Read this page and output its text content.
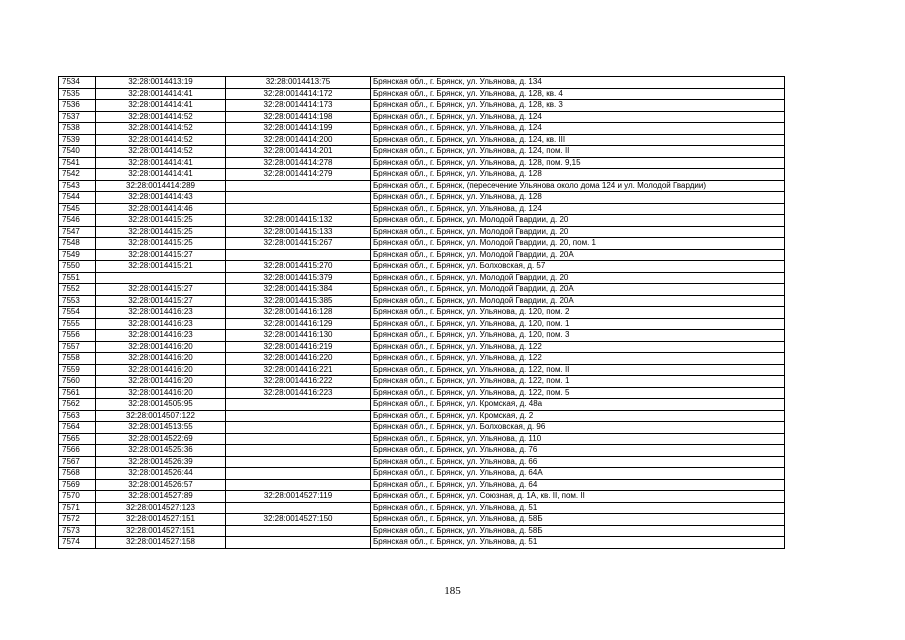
7534	32:28:0014413:19	32:28:0014413:75	Брянская обл., г. Брянск, ул. Ульянова, д. 134
7535	32:28:0014414:41	32:28:0014414:172	Брянская обл., г. Брянск, ул. Ульянова, д. 128, кв. 4
7536	32:28:0014414:41	32:28:0014414:173	Брянская обл., г. Брянск, ул. Ульянова, д. 128, кв. 3
7537	32:28:0014414:52	32:28:0014414:198	Брянская обл., г. Брянск, ул. Ульянова, д. 124
7538	32:28:0014414:52	32:28:0014414:199	Брянская обл., г. Брянск, ул. Ульянова, д. 124
7539	32:28:0014414:52	32:28:0014414:200	Брянская обл., г. Брянск, ул. Ульянова, д. 124, кв. III
7540	32:28:0014414:52	32:28:0014414:201	Брянская обл., г. Брянск, ул. Ульянова, д. 124, пом. II
7541	32:28:0014414:41	32:28:0014414:278	Брянская обл., г. Брянск, ул. Ульянова, д. 128, пом. 9,15
7542	32:28:0014414:41	32:28:0014414:279	Брянская обл., г. Брянск, ул. Ульянова, д. 128
7543	32:28:0014414:289		Брянская обл., г. Брянск, (пересечение Ульянова около дома 124 и ул. Молодой Гвардии)
7544	32:28:0014414:43		Брянская обл., г. Брянск, ул. Ульянова, д. 128
7545	32:28:0014414:46		Брянская обл., г. Брянск, ул. Ульянова, д. 124
7546	32:28:0014415:25	32:28:0014415:132	Брянская обл., г. Брянск, ул. Молодой Гвардии, д. 20
7547	32:28:0014415:25	32:28:0014415:133	Брянская обл., г. Брянск, ул. Молодой Гвардии, д. 20
7548	32:28:0014415:25	32:28:0014415:267	Брянская обл., г. Брянск, ул. Молодой Гвардии, д. 20, пом. 1
7549	32:28:0014415:27		Брянская обл., г. Брянск, ул. Молодой Гвардии, д. 20А
7550	32:28:0014415:21	32:28:0014415:270	Брянская обл., г. Брянск, ул. Болховская, д. 57
7551		32:28:0014415:379	Брянская обл., г. Брянск, ул. Молодой Гвардии, д. 20
7552	32:28:0014415:27	32:28:0014415:384	Брянская обл., г. Брянск, ул. Молодой Гвардии, д. 20А
7553	32:28:0014415:27	32:28:0014415:385	Брянская обл., г. Брянск, ул. Молодой Гвардии, д. 20А
7554	32:28:0014416:23	32:28:0014416:128	Брянская обл., г. Брянск, ул. Ульянова, д. 120, пом. 2
7555	32:28:0014416:23	32:28:0014416:129	Брянская обл., г. Брянск, ул. Ульянова, д. 120, пом. 1
7556	32:28:0014416:23	32:28:0014416:130	Брянская обл., г. Брянск, ул. Ульянова, д. 120, пом. 3
7557	32:28:0014416:20	32:28:0014416:219	Брянская обл., г. Брянск, ул. Ульянова, д. 122
7558	32:28:0014416:20	32:28:0014416:220	Брянская обл., г. Брянск, ул. Ульянова, д. 122
7559	32:28:0014416:20	32:28:0014416:221	Брянская обл., г. Брянск, ул. Ульянова, д. 122, пом. II
7560	32:28:0014416:20	32:28:0014416:222	Брянская обл., г. Брянск, ул. Ульянова, д. 122, пом. 1
7561	32:28:0014416:20	32:28:0014416:223	Брянская обл., г. Брянск, ул. Ульянова, д. 122, пом. 5
7562	32:28:0014505:95		Брянская обл., г. Брянск, ул. Кромская, д. 48а
7563	32:28:0014507:122		Брянская обл., г. Брянск, ул. Кромская, д. 2
7564	32:28:0014513:55		Брянская обл., г. Брянск, ул. Болховская, д. 96
7565	32:28:0014522:69		Брянская обл., г. Брянск, ул. Ульянова, д. 110
7566	32:28:0014525:36		Брянская обл., г. Брянск, ул. Ульянова, д. 76
7567	32:28:0014526:39		Брянская обл., г. Брянск, ул. Ульянова, д. 66
7568	32:28:0014526:44		Брянская обл., г. Брянск, ул. Ульянова, д. 64А
7569	32:28:0014526:57		Брянская обл., г. Брянск, ул. Ульянова, д. 64
7570	32:28:0014527:89	32:28:0014527:119	Брянская обл., г. Брянск, ул. Союзная, д. 1А, кв. II, пом. II
7571	32:28:0014527:123		Брянская обл., г. Брянск, ул. Ульянова, д. 51
7572	32:28:0014527:151	32:28:0014527:150	Брянская обл., г. Брянск, ул. Ульянова, д. 58Б
7573	32:28:0014527:151		Брянская обл., г. Брянск, ул. Ульянова, д. 58Б
7574	32:28:0014527:158		Брянская обл., г. Брянск, ул. Ульянова, д. 51
185
